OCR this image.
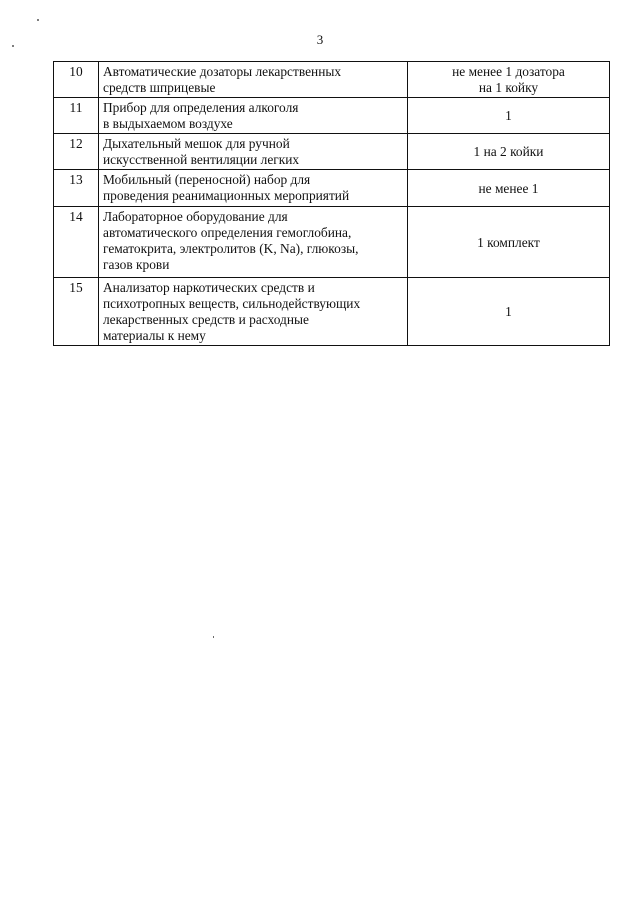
3
10	Автоматические дозаторы лекарственных
средств шприцевые	не менее 1 дозатора
на 1 койку

11	Прибор для определения алкоголя
в выдыхаемом воздухе	1

12	Дыхательный мешок для ручной
искусственной вентиляции легких	1 на 2 койки

13	Мобильный (переносной) набор для
проведения реанимационных мероприятий	не менее 1

14	Лабораторное оборудование для
автоматического определения гемоглобина,
гематокрита, электролитов (K, Na), глюкозы,
газов крови	1 комплект

15	Анализатор наркотических средств и
психотропных веществ, сильнодействующих
лекарственных средств и расходные
материалы к нему	1
